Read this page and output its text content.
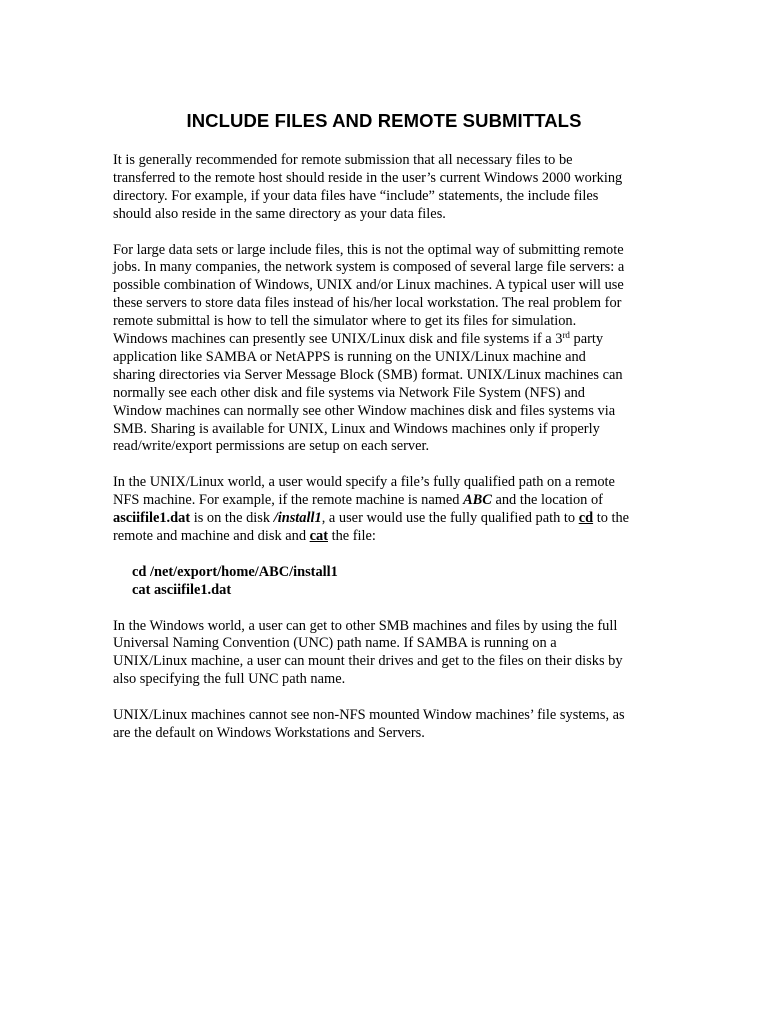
INCLUDE FILES AND REMOTE SUBMITTALS

It is generally recommended for remote submission that all necessary files to be
transferred to the remote host should reside in the user’s current Windows 2000 working
directory. For example, if your data files have “include” statements, the include files
should also reside in the same directory as your data files.

For large data sets or large include files, this is not the optimal way of submitting remote
jobs. In many companies, the network system is composed of several large file servers: a
possible combination of Windows, UNIX and/or Linux machines. A typical user will use
these servers to store data files instead of his/her local workstation. The real problem for
remote submittal is how to tell the simulator where to get its files for simulation.
Windows machines can presently see UNIX/Linux disk and file systems if a 3rd party
application like SAMBA or NetAPPS is running on the UNIX/Linux machine and
sharing directories via Server Message Block (SMB) format. UNIX/Linux machines can
normally see each other disk and file systems via Network File System (NFS) and
Window machines can normally see other Window machines disk and files systems via
SMB. Sharing is available for UNIX, Linux and Windows machines only if properly
read/write/export permissions are setup on each server.

In the UNIX/Linux world, a user would specify a file’s fully qualified path on a remote
NFS machine. For example, if the remote machine is named ABC and the location of
asciifile1.dat is on the disk /install1, a user would use the fully qualified path to cd to the
remote and machine and disk and cat the file:

cd /net/export/home/ABC/install1
cat asciifile1.dat

In the Windows world, a user can get to other SMB machines and files by using the full
Universal Naming Convention (UNC) path name. If SAMBA is running on a
UNIX/Linux machine, a user can mount their drives and get to the files on their disks by
also specifying the full UNC path name.

UNIX/Linux machines cannot see non-NFS mounted Window machines’ file systems, as
are the default on Windows Workstations and Servers.
